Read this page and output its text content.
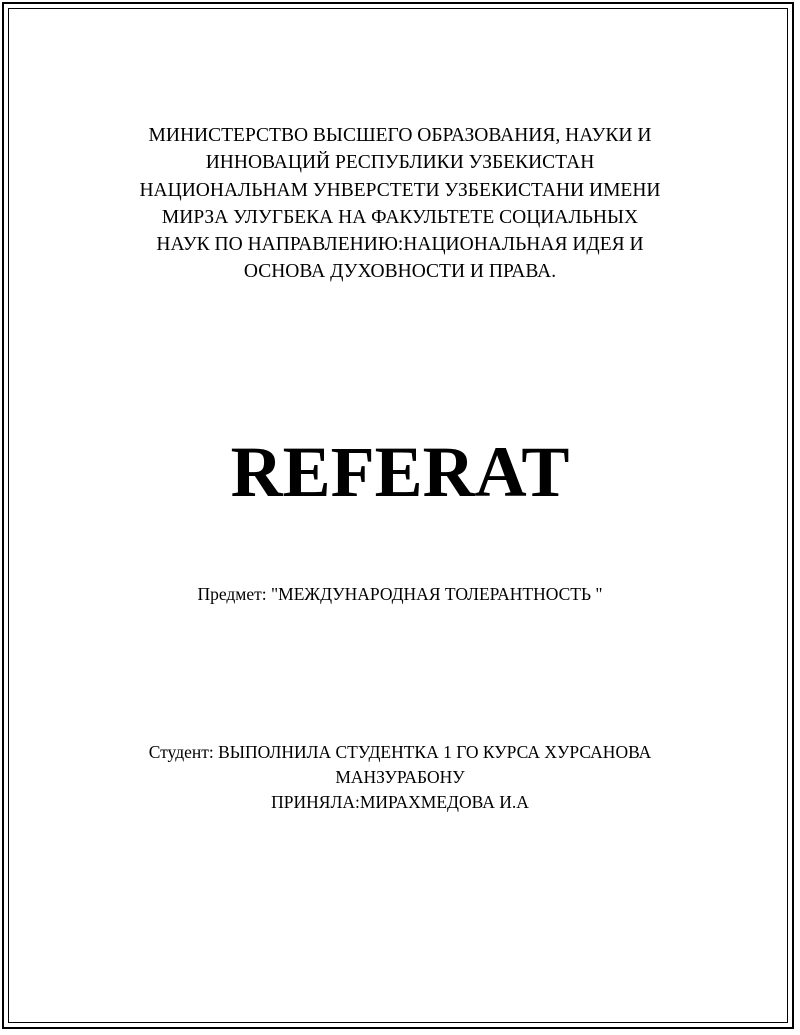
МИНИСТЕРСТВО ВЫСШЕГО ОБРАЗОВАНИЯ, НАУКИ И
ИННОВАЦИЙ РЕСПУБЛИКИ УЗБЕКИСТАН
НАЦИОНАЛЬНАМ УНВЕРСТЕТИ УЗБЕКИСТАНИ ИМЕНИ
МИРЗА УЛУГБЕКА НА ФАКУЛЬТЕТЕ СОЦИАЛЬНЫХ
НАУК ПО НАПРАВЛЕНИЮ:НАЦИОНАЛЬНАЯ ИДЕЯ И
ОСНОВА ДУХОВНОСТИ И ПРАВА.
REFERAT
Предмет: "МЕЖДУНАРОДНАЯ ТОЛЕРАНТНОСТЬ "
Студент: ВЫПОЛНИЛА СТУДЕНТКА 1 ГО КУРСА ХУРСАНОВА
МАНЗУРАБОНУ
ПРИНЯЛА:МИРАХМЕДОВА И.А
